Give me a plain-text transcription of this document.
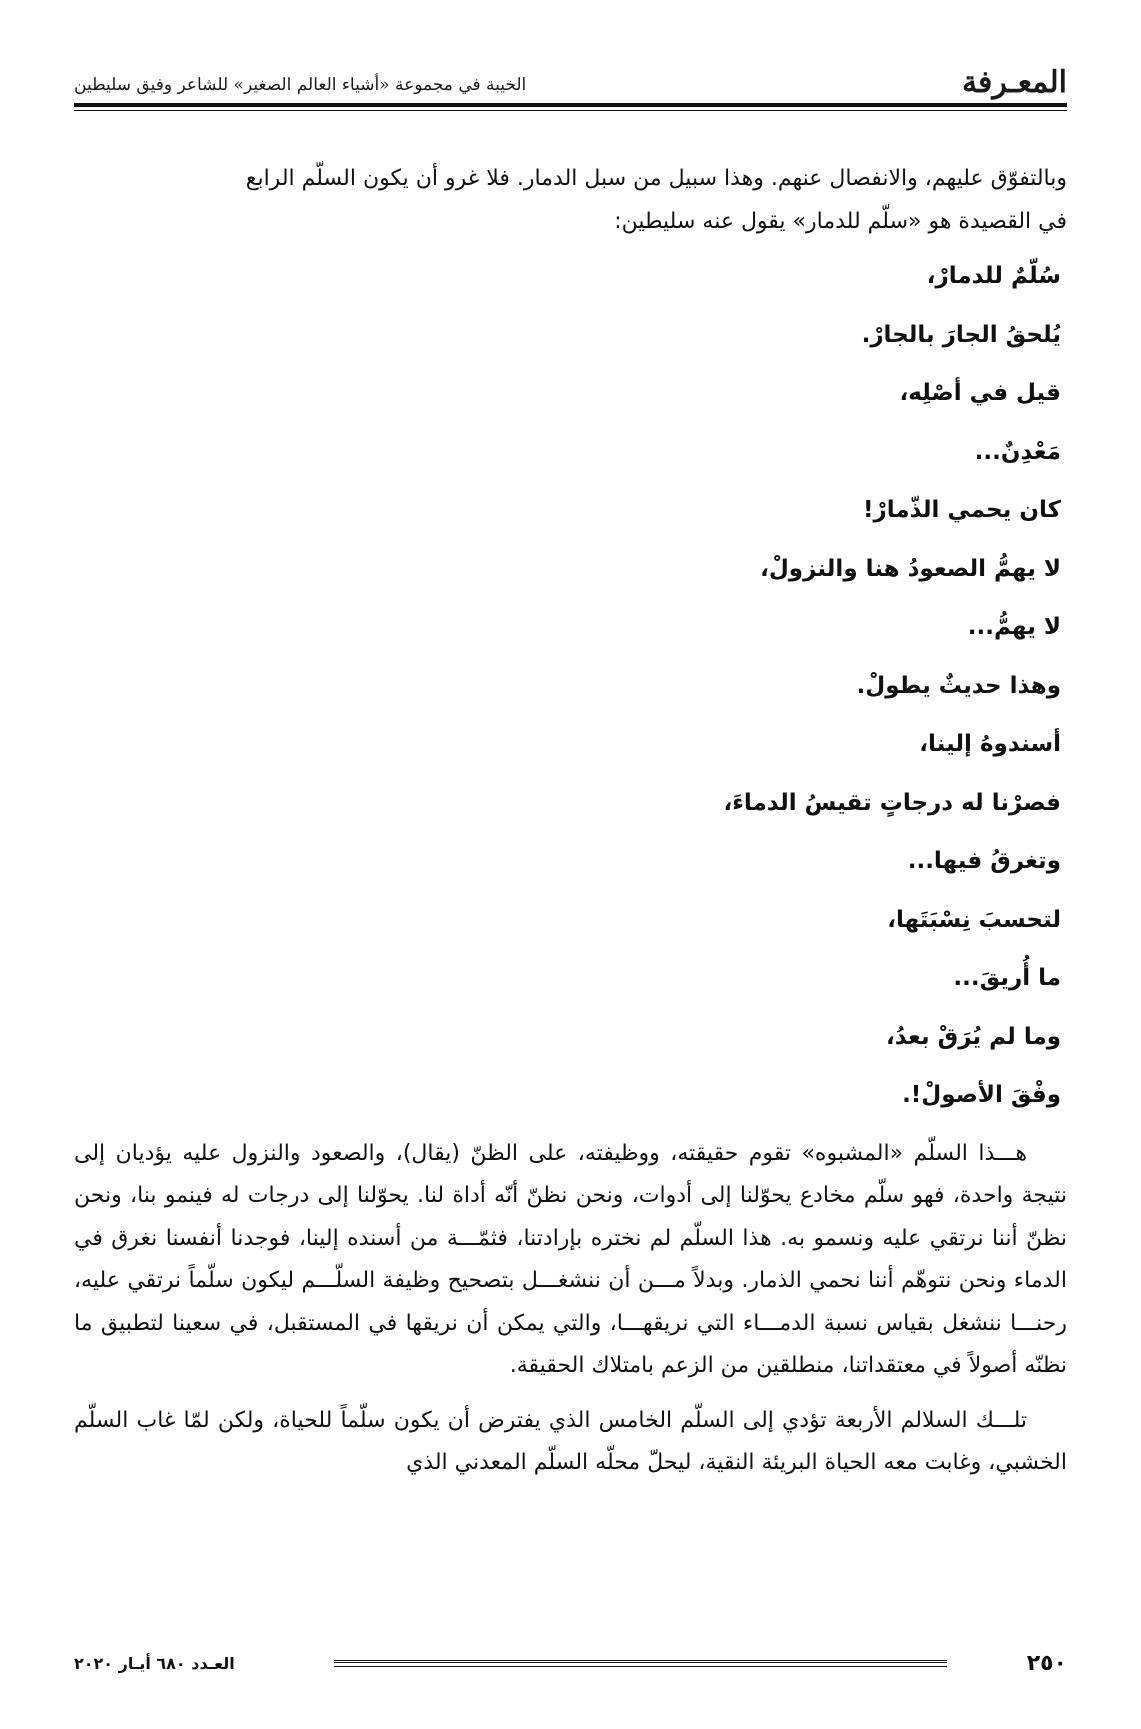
المعـرفة
الخيبة في مجموعة «أشياء العالم الصغير» للشاعر وفيق سليطين

وبالتفوّق عليهم، والانفصال عنهم. وهذا سبيل من سبل الدمار. فلا غرو أن يكون السلّم الرابع

في القصيدة هو «سلّم للدمار» يقول عنه سليطين:

سُلّمٌ للدمارْ،

يُلحقُ الجارَ بالجارْ.

قيل في أصْلِه،

مَعْدِنٌ...

كان يحمي الذّمارْ!

لا يهمُّ الصعودُ هنا والنزولْ،

لا يهمُّ...

وهذا حديثٌ يطولْ.

أسندوهُ إلينا،

فصرْنا له درجاتٍ تقيسُ الدماءَ،

وتغرقُ فيها...

لتحسبَ نِسْبَتَها،

ما أُريقَ...

وما لم يُرَقْ بعدُ،

وفْقَ الأصولْ!.

هـــذا السلّم «المشبوه» تقوم حقيقته، ووظيفته، على الظنّ (يقال)، والصعود والنزول عليه يؤديان إلى نتيجة واحدة، فهو سلّم مخادع يحوّلنا إلى أدوات، ونحن نظنّ أنّه أداة لنا. يحوّلنا إلى درجات له فينمو بنا، ونحن نظنّ أننا نرتقي عليه ونسمو به. هذا السلّم لم نختره بإرادتنا، فثمّـــة من أسنده إلينا، فوجدنا أنفسنا نغرق في الدماء ونحن نتوهّم أننا نحمي الذمار. وبدلاً مـــن أن ننشغـــل بتصحيح وظيفة السلّـــم ليكون سلّماً نرتقي عليه، رحنـــا ننشغل بقياس نسبة الدمـــاء التي نريقهـــا، والتي يمكن أن نريقها في المستقبل، في سعينا لتطبيق ما نظنّه أصولاً في معتقداتنا، منطلقين من الزعم بامتلاك الحقيقة.

تلـــك السلالم الأربعة تؤدي إلى السلّم الخامس الذي يفترض أن يكون سلّماً للحياة، ولكن لمّا غاب السلّم الخشبي، وغابت معه الحياة البريئة النقية، ليحلّ محلّه السلّم المعدني الذي

٢٥٠
العـدد ٦٨٠ أيـار ٢٠٢٠
